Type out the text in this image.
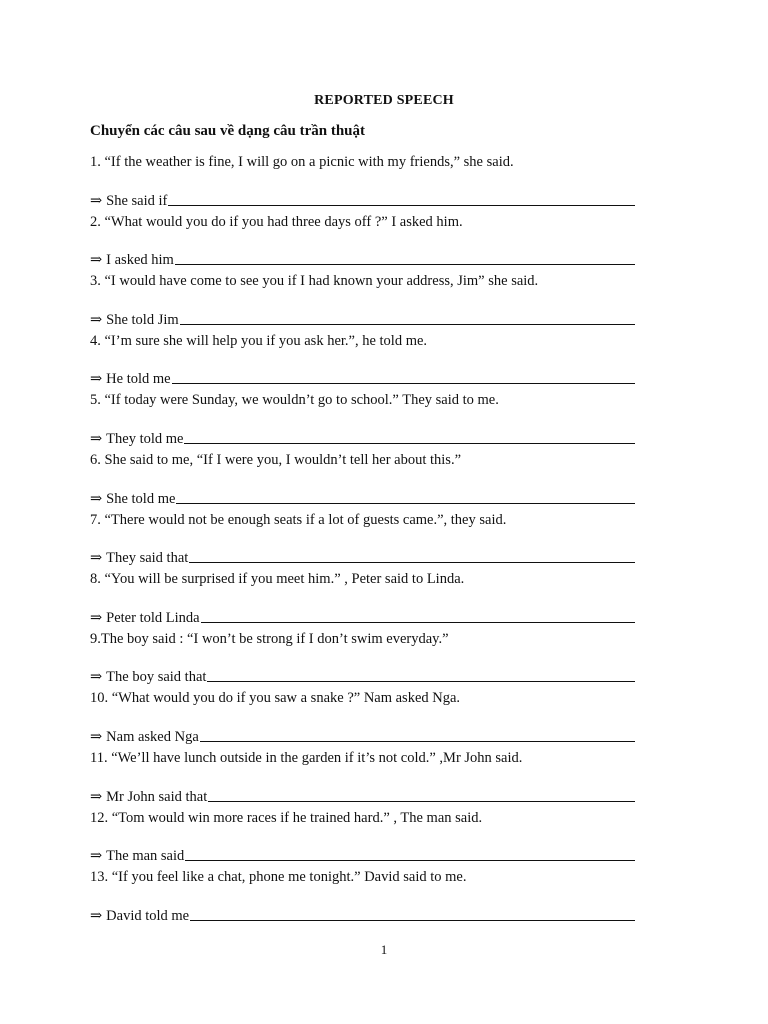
REPORTED SPEECH
Chuyển các câu sau về dạng câu trần thuật
1. “If the weather is fine, I will go on a picnic with my friends,” she said.
⇒ She said if
2. “What would you do if you had three days off ?” I asked him.
⇒ I asked him
3. “I would have come to see you if I had known your address, Jim” she said.
⇒ She told Jim
4. “I’m sure she will help you if you ask her.”, he told me.
⇒ He told me
5. “If today were Sunday, we wouldn’t go to school.” They said to me.
⇒ They told me
6. She said to me, “If I were you, I wouldn’t tell her about this.”
⇒ She told me
7. “There would not be enough seats if a lot of guests came.”, they said.
⇒ They said that
8. “You will be surprised if you meet him.” , Peter said to Linda.
⇒ Peter told Linda
9.The boy said : “I won’t be strong if I don’t swim everyday.”
⇒ The boy said that
10. “What would you do if you saw a snake ?” Nam asked Nga.
⇒ Nam asked Nga
11. “We’ll have lunch outside in the garden if it’s not cold.” ,Mr John said.
⇒ Mr John said that
12. “Tom would win more races if he trained hard.” , The man said.
⇒ The man said
13. “If you feel like a chat, phone me tonight.” David said to me.
⇒ David told me
1
